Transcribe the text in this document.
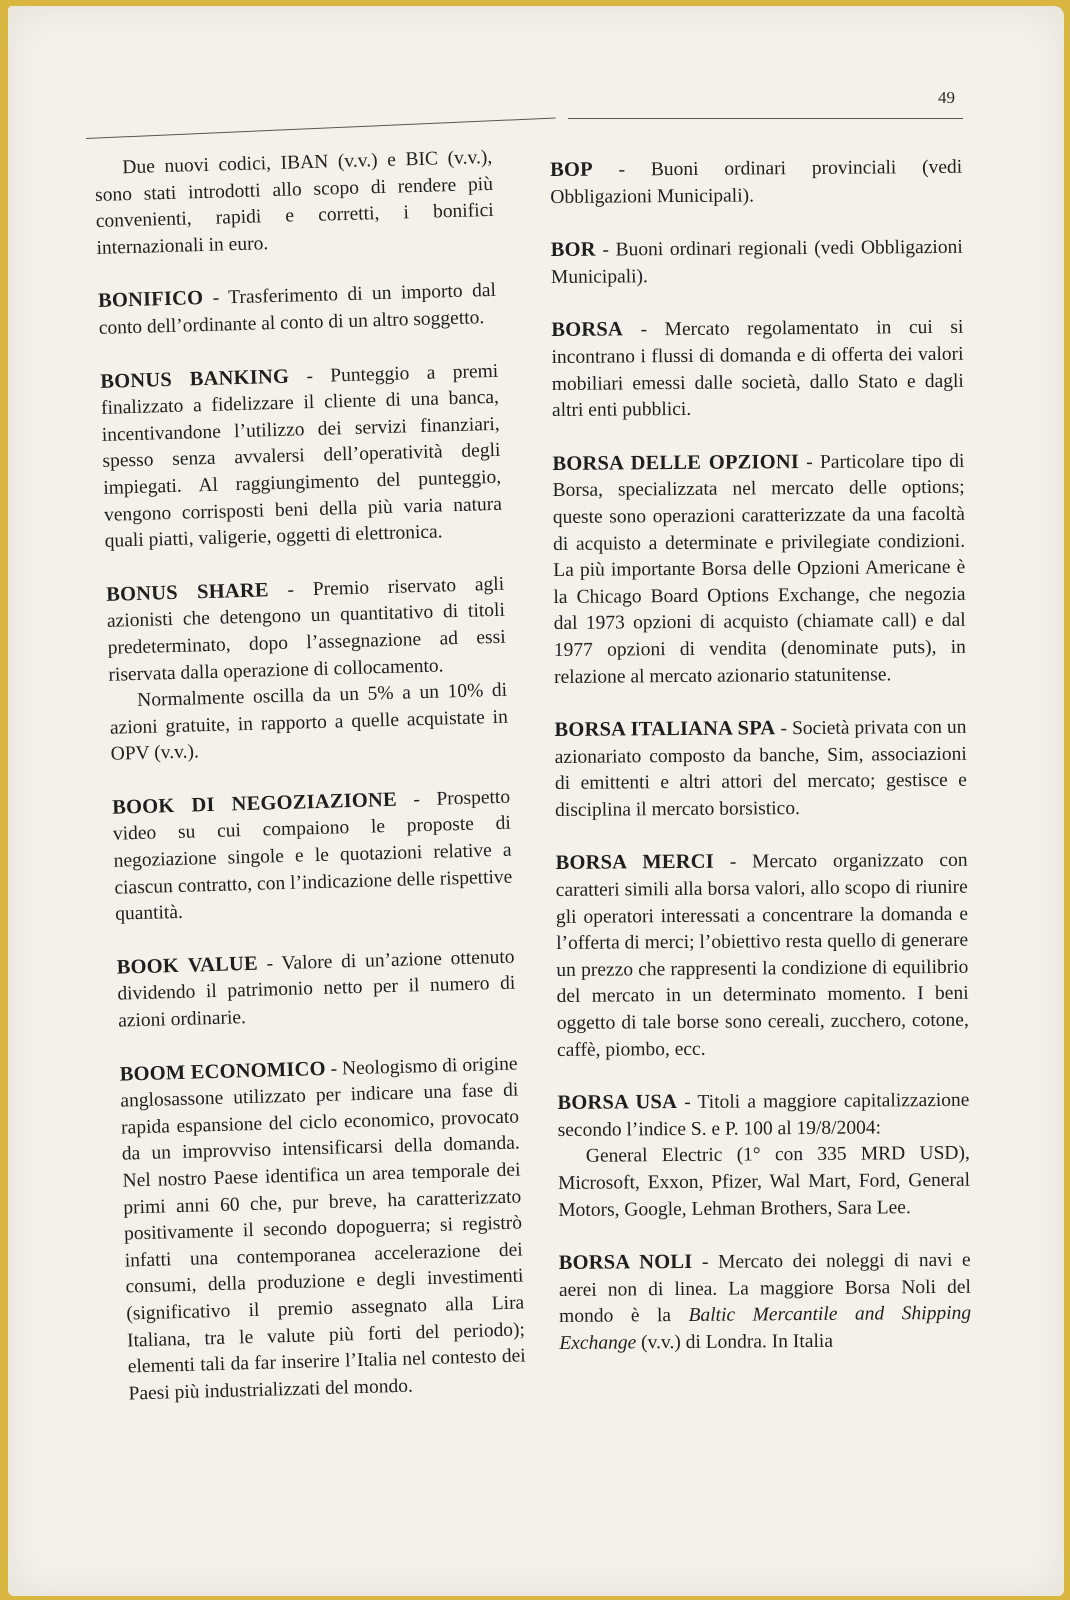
49

Due nuovi codici, IBAN (v.v.) e BIC (v.v.), sono stati introdotti allo scopo di rendere più convenienti, rapidi e corretti, i bonifici internazionali in euro.

BONIFICO - Trasferimento di un importo dal conto dell’ordinante al conto di un altro soggetto.

BONUS BANKING - Punteggio a premi finalizzato a fidelizzare il cliente di una banca, incentivandone l’utilizzo dei servizi finanziari, spesso senza avvalersi dell’operatività degli impiegati. Al raggiungimento del punteggio, vengono corrisposti beni della più varia natura quali piatti, valigerie, oggetti di elettronica.

BONUS SHARE - Premio riservato agli azionisti che detengono un quantitativo di titoli predeterminato, dopo l’assegnazione ad essi riservata dalla operazione di collocamento.

Normalmente oscilla da un 5% a un 10% di azioni gratuite, in rapporto a quelle acquistate in OPV (v.v.).

BOOK DI NEGOZIAZIONE - Prospetto video su cui compaiono le proposte di negoziazione singole e le quotazioni relative a ciascun contratto, con l’indicazione delle rispettive quantità.

BOOK VALUE - Valore di un’azione ottenuto dividendo il patrimonio netto per il numero di azioni ordinarie.

BOOM ECONOMICO - Neologismo di origine anglosassone utilizzato per indicare una fase di rapida espansione del ciclo economico, provocato da un improvviso intensificarsi della domanda. Nel nostro Paese identifica un area temporale dei primi anni 60 che, pur breve, ha caratterizzato positivamente il secondo dopoguerra; si registrò infatti una contemporanea accelerazione dei consumi, della produzione e degli investimenti (significativo il premio assegnato alla Lira Italiana, tra le valute più forti del periodo); elementi tali da far inserire l’Italia nel contesto dei Paesi più industrializzati del mondo.

BOP - Buoni ordinari provinciali (vedi Obbligazioni Municipali).

BOR - Buoni ordinari regionali (vedi Obbligazioni Municipali).

BORSA - Mercato regolamentato in cui si incontrano i flussi di domanda e di offerta dei valori mobiliari emessi dalle società, dallo Stato e dagli altri enti pubblici.

BORSA DELLE OPZIONI - Particolare tipo di Borsa, specializzata nel mercato delle options; queste sono operazioni caratterizzate da una facoltà di acquisto a determinate e privilegiate condizioni. La più importante Borsa delle Opzioni Americane è la Chicago Board Options Exchange, che negozia dal 1973 opzioni di acquisto (chiamate call) e dal 1977 opzioni di vendita (denominate puts), in relazione al mercato azionario statunitense.

BORSA ITALIANA SPA - Società privata con un azionariato composto da banche, Sim, associazioni di emittenti e altri attori del mercato; gestisce e disciplina il mercato borsistico.

BORSA MERCI - Mercato organizzato con caratteri simili alla borsa valori, allo scopo di riunire gli operatori interessati a concentrare la domanda e l’offerta di merci; l’obiettivo resta quello di generare un prezzo che rappresenti la condizione di equilibrio del mercato in un determinato momento. I beni oggetto di tale borse sono cereali, zucchero, cotone, caffè, piombo, ecc.

BORSA USA - Titoli a maggiore capitalizzazione secondo l’indice S. e P. 100 al 19/8/2004:

General Electric (1° con 335 MRD USD), Microsoft, Exxon, Pfizer, Wal Mart, Ford, General Motors, Google, Lehman Brothers, Sara Lee.

BORSA NOLI - Mercato dei noleggi di navi e aerei non di linea. La maggiore Borsa Noli del mondo è la Baltic Mercantile and Shipping Exchange (v.v.) di Londra. In Italia
